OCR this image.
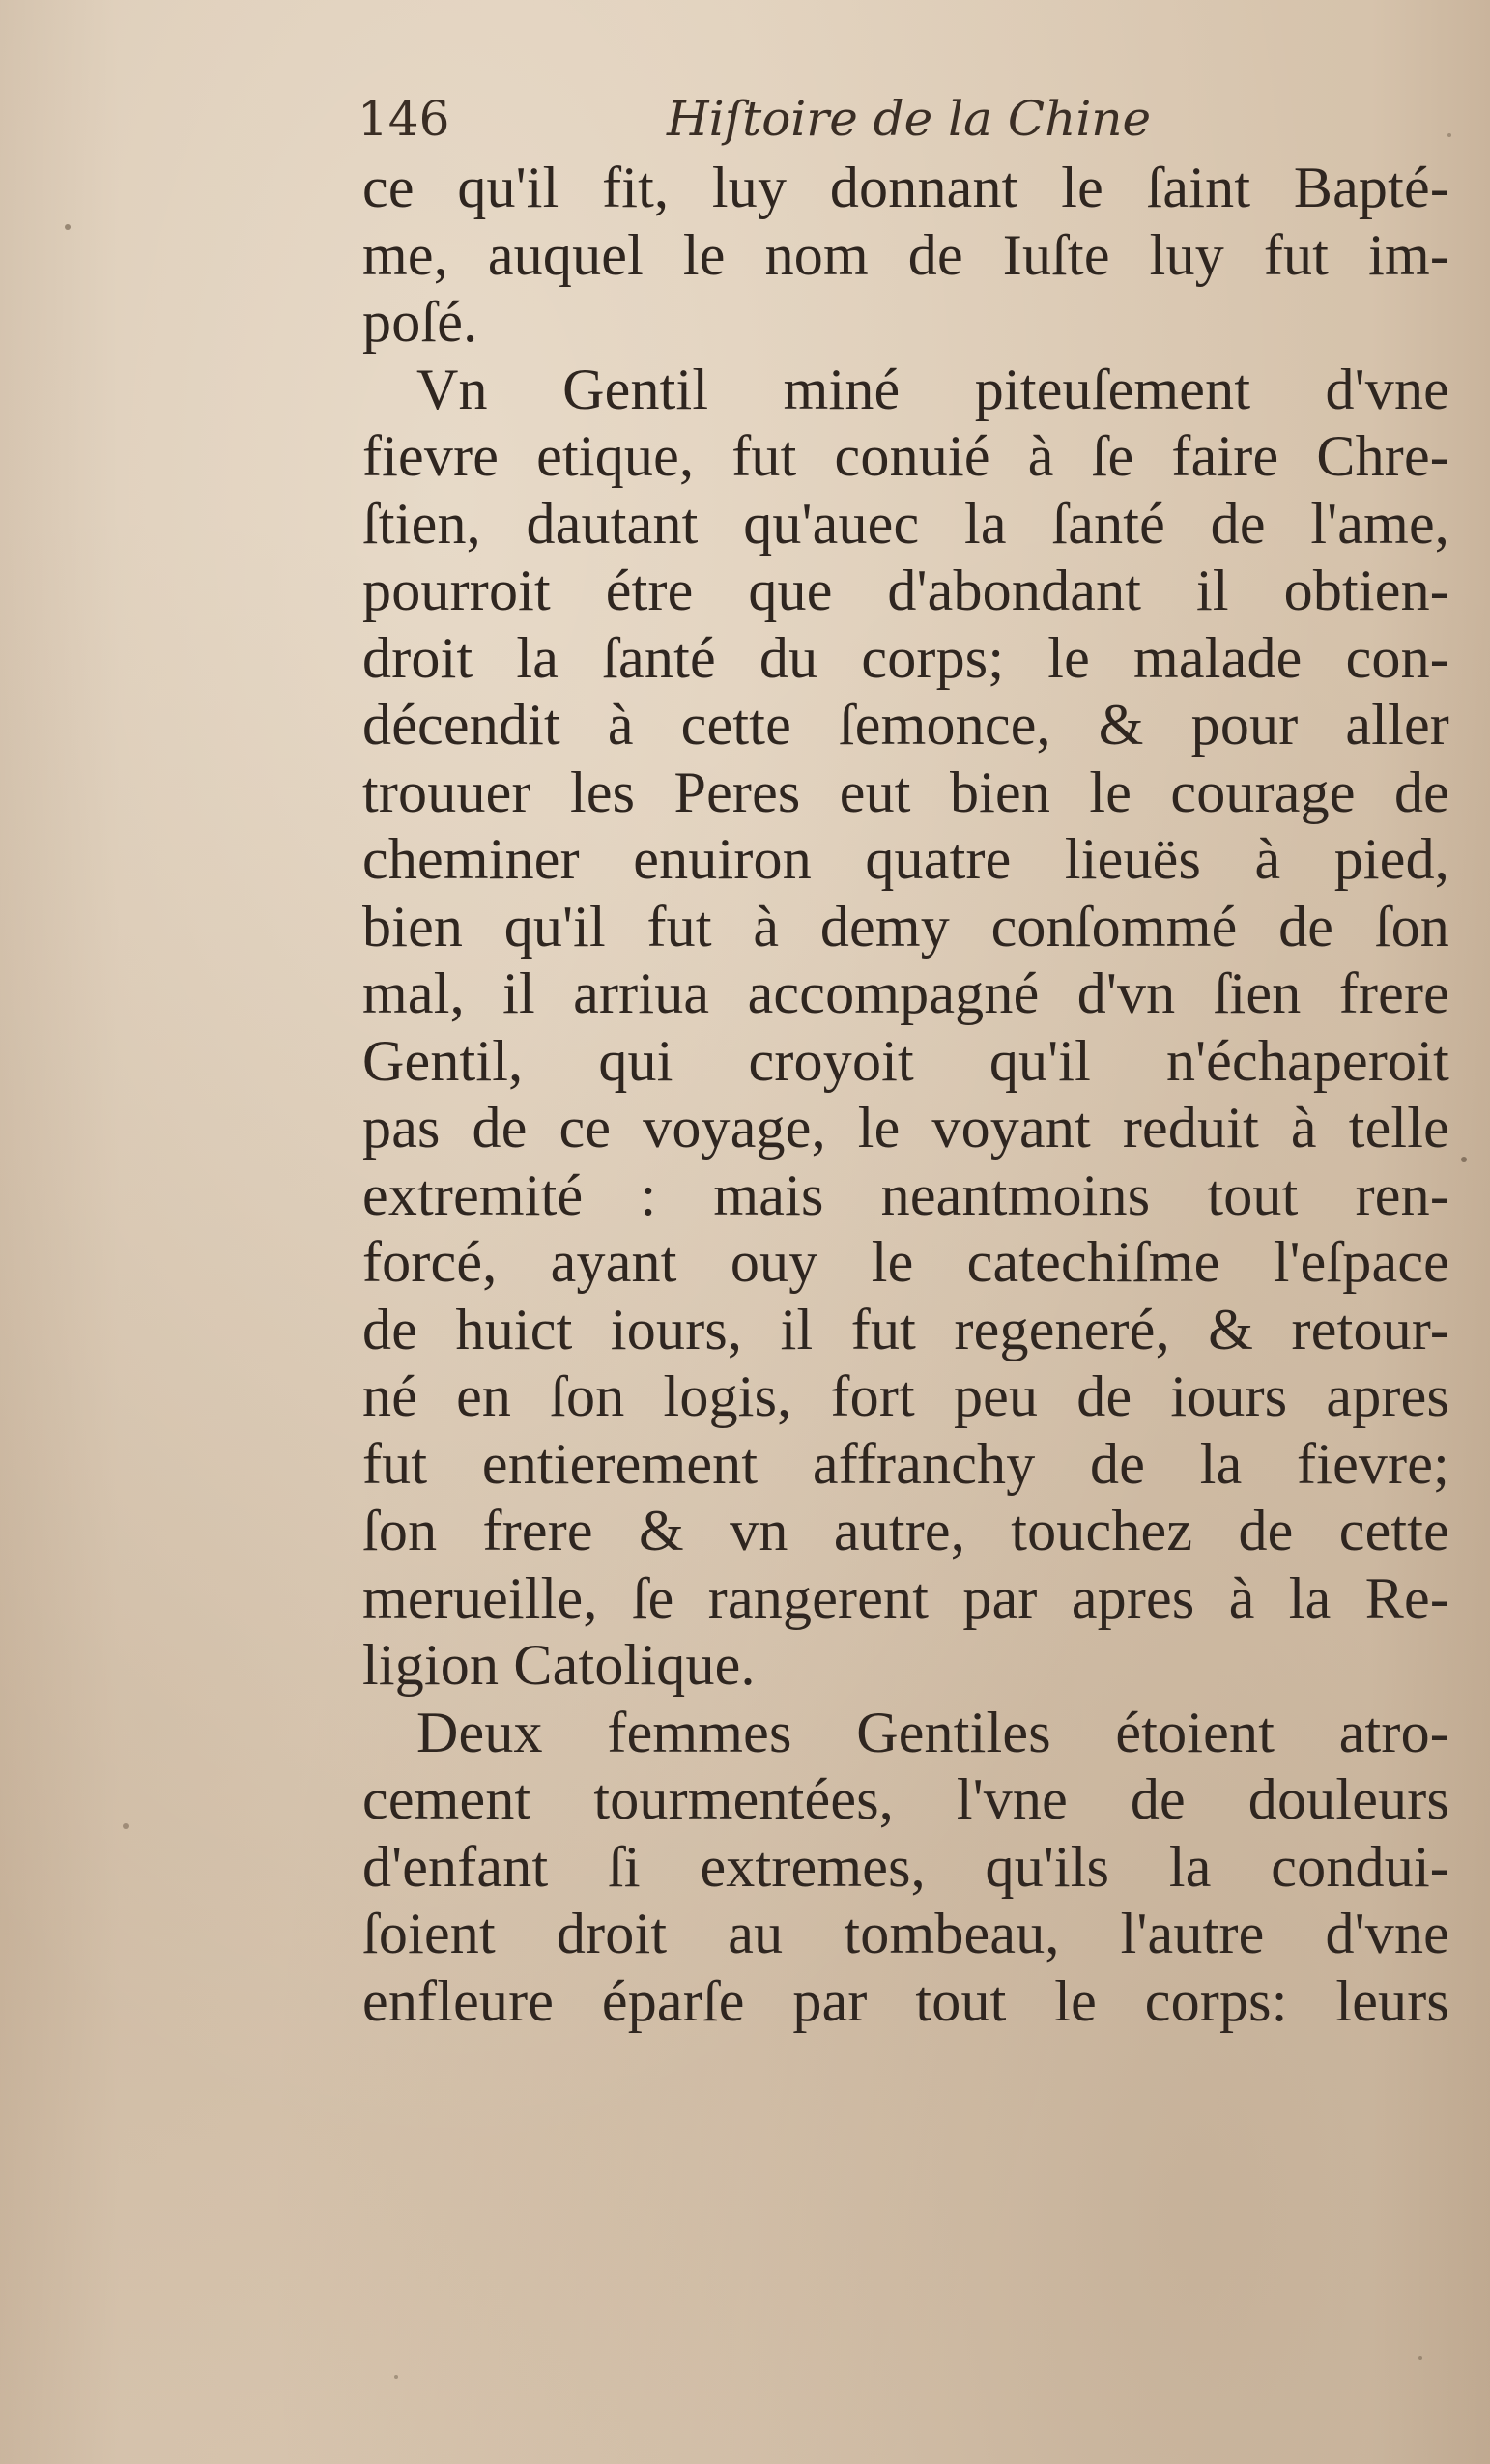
146	Hiſtoire de la Chine
ce qu'il fit, luy donnant le ſaint Bapté-
me, auquel le nom de Iuſte luy fut im-
poſé.
Vn Gentil miné piteuſement d'vne
fievre etique, fut conuié à ſe faire Chre-
ſtien, dautant qu'auec la ſanté de l'ame,
pourroit étre que d'abondant il obtien-
droit la ſanté du corps; le malade con-
décendit à cette ſemonce, & pour aller
trouuer les Peres eut bien le courage de
cheminer enuiron quatre lieuës à pied,
bien qu'il fut à demy conſommé de ſon
mal, il arriua accompagné d'vn ſien frere
Gentil, qui croyoit qu'il n'échaperoit
pas de ce voyage, le voyant reduit à telle
extremité : mais neantmoins tout ren-
forcé, ayant ouy le catechiſme l'eſpace
de huict iours, il fut regeneré, & retour-
né en ſon logis, fort peu de iours apres
fut entierement affranchy de la fievre;
ſon frere & vn autre, touchez de cette
merueille, ſe rangerent par apres à la Re-
ligion Catolique.
Deux femmes Gentiles étoient atro-
cement tourmentées, l'vne de douleurs
d'enfant ſi extremes, qu'ils la condui-
ſoient droit au tombeau, l'autre d'vne
enfleure éparſe par tout le corps: leurs
